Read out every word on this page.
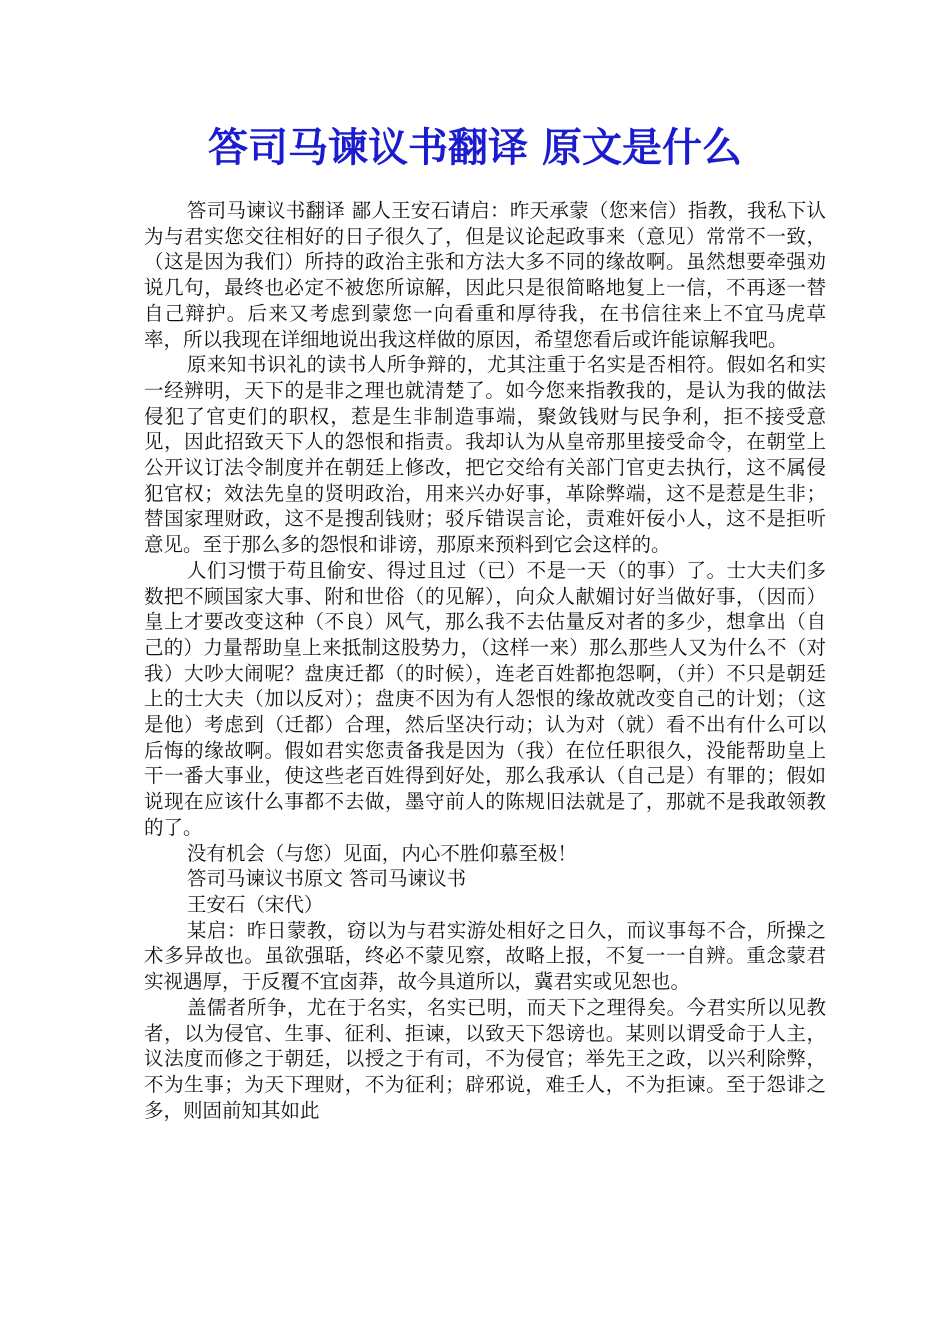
答司马谏议书翻译 原文是什么

答司马谏议书翻译 鄙人王安石请启：昨天承蒙（您来信）指教，我私下认为与君实您交往相好的日子很久了，但是议论起政事来（意见）常常不一致，（这是因为我们）所持的政治主张和方法大多不同的缘故啊。虽然想要牵强劝说几句，最终也必定不被您所谅解，因此只是很简略地复上一信，不再逐一替自己辩护。后来又考虑到蒙您一向看重和厚待我，在书信往来上不宜马虎草率，所以我现在详细地说出我这样做的原因，希望您看后或许能谅解我吧。

原来知书识礼的读书人所争辩的，尤其注重于名实是否相符。假如名和实一经辨明，天下的是非之理也就清楚了。如今您来指教我的，是认为我的做法侵犯了官吏们的职权，惹是生非制造事端，聚敛钱财与民争利，拒不接受意见，因此招致天下人的怨恨和指责。我却认为从皇帝那里接受命令，在朝堂上公开议订法令制度并在朝廷上修改，把它交给有关部门官吏去执行，这不属侵犯官权；效法先皇的贤明政治，用来兴办好事，革除弊端，这不是惹是生非；替国家理财政，这不是搜刮钱财；驳斥错误言论，责难奸佞小人，这不是拒听意见。至于那么多的怨恨和诽谤，那原来预料到它会这样的。

人们习惯于苟且偷安、得过且过（已）不是一天（的事）了。士大夫们多数把不顾国家大事、附和世俗（的见解），向众人献媚讨好当做好事，（因而）皇上才要改变这种（不良）风气，那么我不去估量反对者的多少，想拿出（自己的）力量帮助皇上来抵制这股势力，（这样一来）那么那些人又为什么不（对我）大吵大闹呢？盘庚迁都（的时候），连老百姓都抱怨啊，（并）不只是朝廷上的士大夫（加以反对）；盘庚不因为有人怨恨的缘故就改变自己的计划；（这是他）考虑到（迁都）合理，然后坚决行动；认为对（就）看不出有什么可以后悔的缘故啊。假如君实您责备我是因为（我）在位任职很久，没能帮助皇上干一番大事业，使这些老百姓得到好处，那么我承认（自己是）有罪的；假如说现在应该什么事都不去做，墨守前人的陈规旧法就是了，那就不是我敢领教的了。

没有机会（与您）见面，内心不胜仰慕至极！

答司马谏议书原文 答司马谏议书

王安石（宋代）

某启：昨日蒙教，窃以为与君实游处相好之日久，而议事每不合，所操之术多异故也。虽欲强聒，终必不蒙见察，故略上报，不复一一自辨。重念蒙君实视遇厚，于反覆不宜卤莽，故今具道所以，冀君实或见恕也。

盖儒者所争，尤在于名实，名实已明，而天下之理得矣。今君实所以见教者，以为侵官、生事、征利、拒谏，以致天下怨谤也。某则以谓受命于人主，议法度而修之于朝廷，以授之于有司，不为侵官；举先王之政，以兴利除弊，不为生事；为天下理财，不为征利；辟邪说，难壬人，不为拒谏。至于怨诽之多，则固前知其如此
